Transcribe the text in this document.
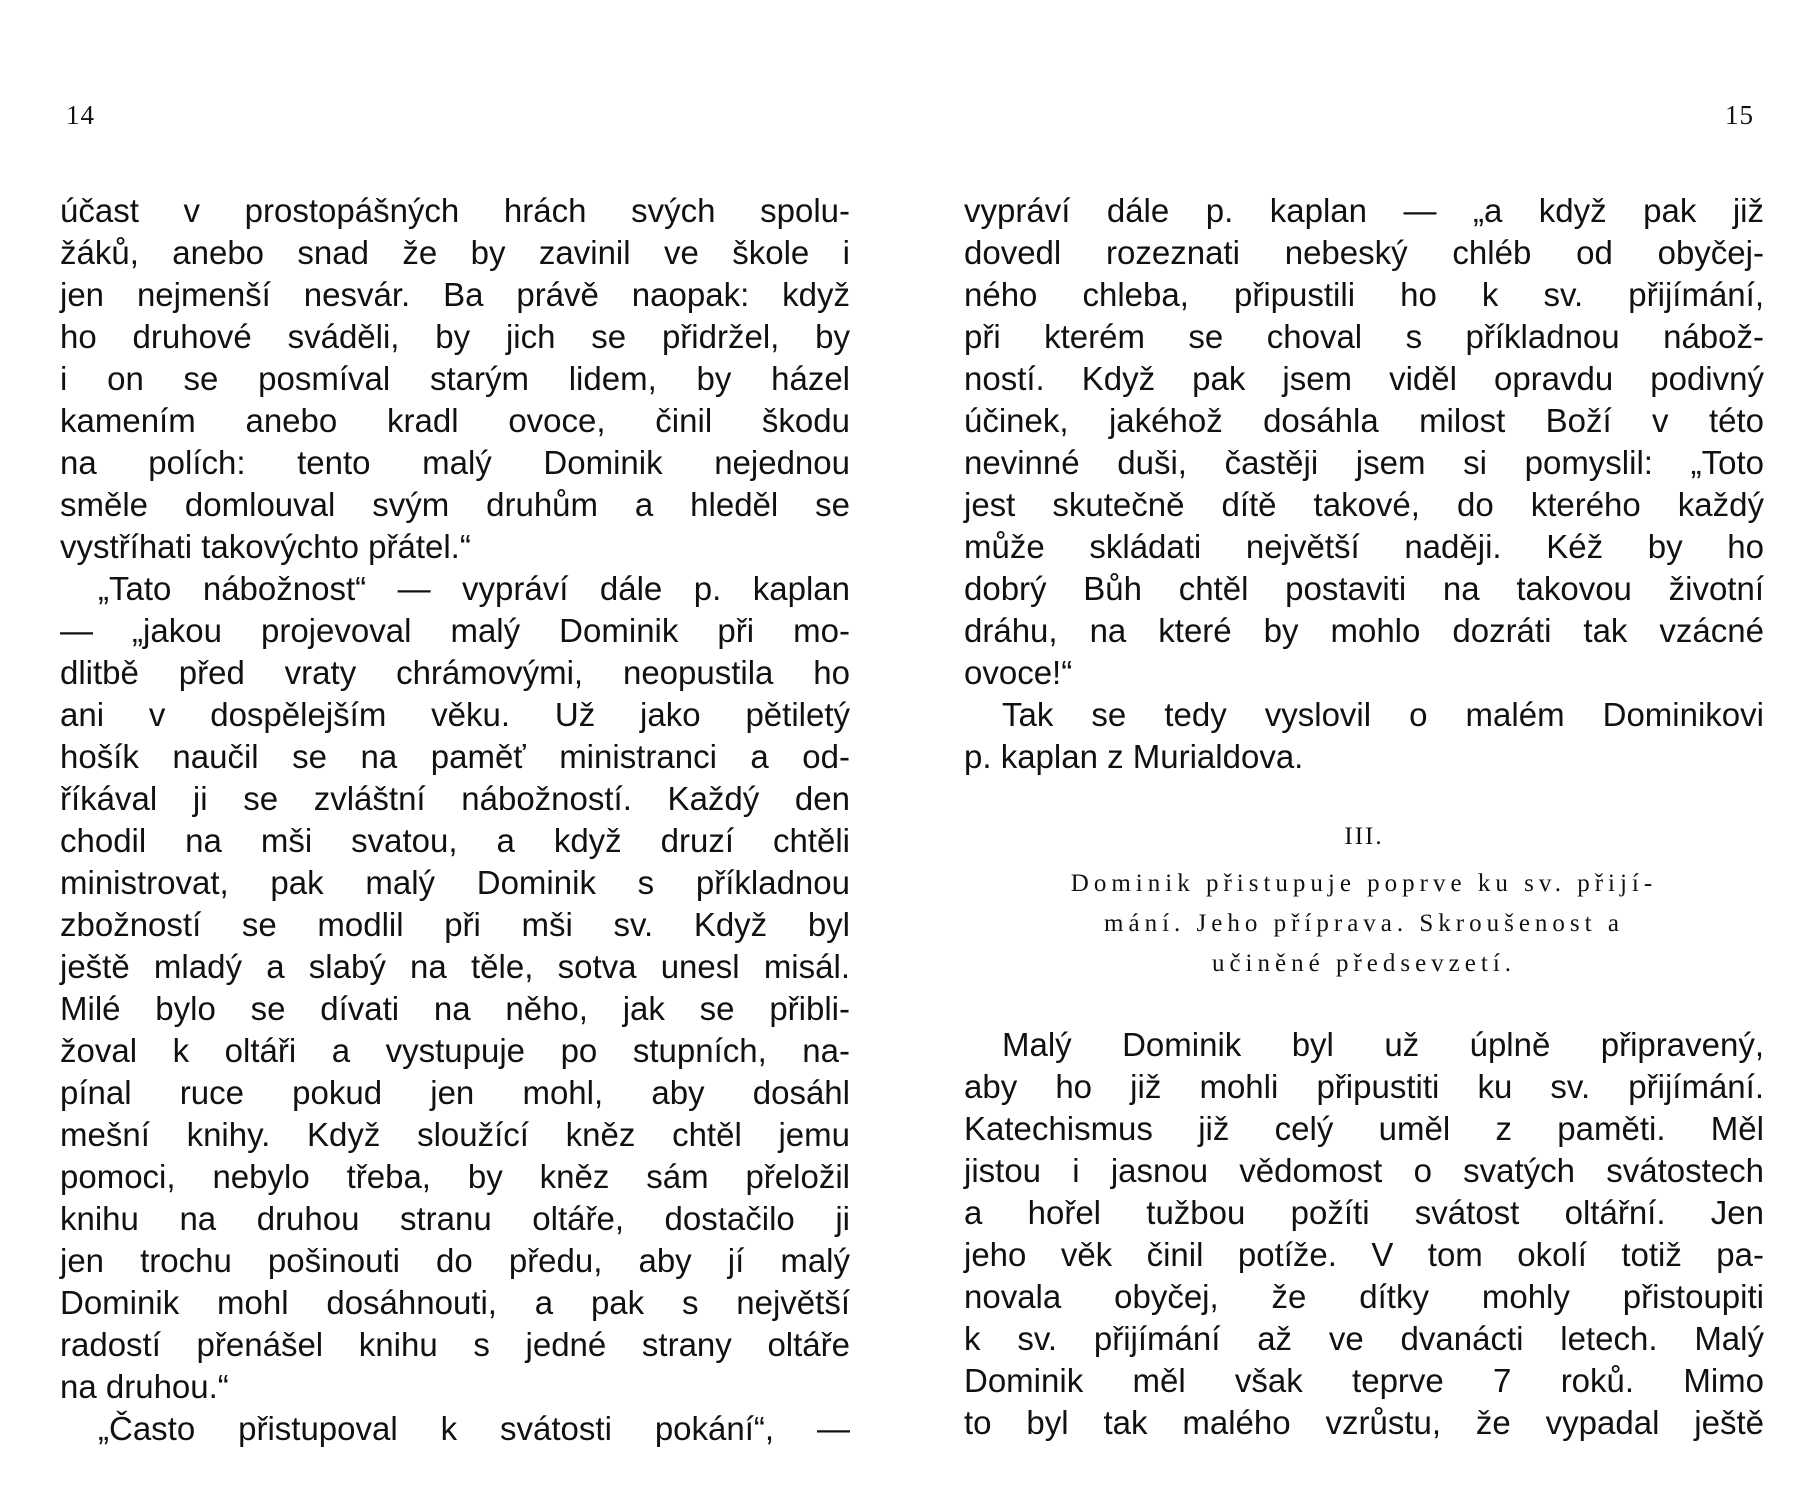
14
účast v prostopášných hrách svých spolu-
žáků, anebo snad že by zavinil ve škole i
jen nejmenší nesvár. Ba právě naopak: když
ho druhové sváděli, by jich se přidržel, by
i on se posmíval starým lidem, by házel
kamením anebo kradl ovoce, činil škodu
na polích: tento malý Dominik nejednou
směle domlouval svým druhům a hleděl se
vystříhati takovýchto přátel.“
„Tato nábožnost“ — vypráví dále p. kaplan
— „jakou projevoval malý Dominik při mo-
dlitbě před vraty chrámovými, neopustila ho
ani v dospělejším věku. Už jako pětiletý
hošík naučil se na paměť ministranci a od-
říkával ji se zvláštní nábožností. Každý den
chodil na mši svatou, a když druzí chtěli
ministrovat, pak malý Dominik s příkladnou
zbožností se modlil při mši sv. Když byl
ještě mladý a slabý na těle, sotva unesl misál.
Milé bylo se dívati na něho, jak se přibli-
žoval k oltáři a vystupuje po stupních, na-
pínal ruce pokud jen mohl, aby dosáhl
mešní knihy. Když sloužící kněz chtěl jemu
pomoci, nebylo třeba, by kněz sám přeložil
knihu na druhou stranu oltáře, dostačilo ji
jen trochu pošinouti do předu, aby jí malý
Dominik mohl dosáhnouti, a pak s největší
radostí přenášel knihu s jedné strany oltáře
na druhou.“
„Často přistupoval k svátosti pokání“, —
15
vypráví dále p. kaplan — „a když pak již
dovedl rozeznati nebeský chléb od obyčej-
ného chleba, připustili ho k sv. přijímání,
při kterém se choval s příkladnou nábož-
ností. Když pak jsem viděl opravdu podivný
účinek, jakéhož dosáhla milost Boží v této
nevinné duši, častěji jsem si pomyslil: „Toto
jest skutečně dítě takové, do kterého každý
může skládati největší naději. Kéž by ho
dobrý Bůh chtěl postaviti na takovou životní
dráhu, na které by mohlo dozráti tak vzácné
ovoce!“
Tak se tedy vyslovil o malém Dominikovi
p. kaplan z Murialdova.
III.
Dominik přistupuje poprve ku sv. přijí-
mání. Jeho příprava. Skroušenost a
učiněné předsevzetí.
Malý Dominik byl už úplně připravený,
aby ho již mohli připustiti ku sv. přijímání.
Katechismus již celý uměl z paměti. Měl
jistou i jasnou vědomost o svatých svátostech
a hořel tužbou požíti svátost oltářní. Jen
jeho věk činil potíže. V tom okolí totiž pa-
novala obyčej, že dítky mohly přistoupiti
k sv. přijímání až ve dvanácti letech. Malý
Dominik měl však teprve 7 roků. Mimo
to byl tak malého vzrůstu, že vypadal ještě
